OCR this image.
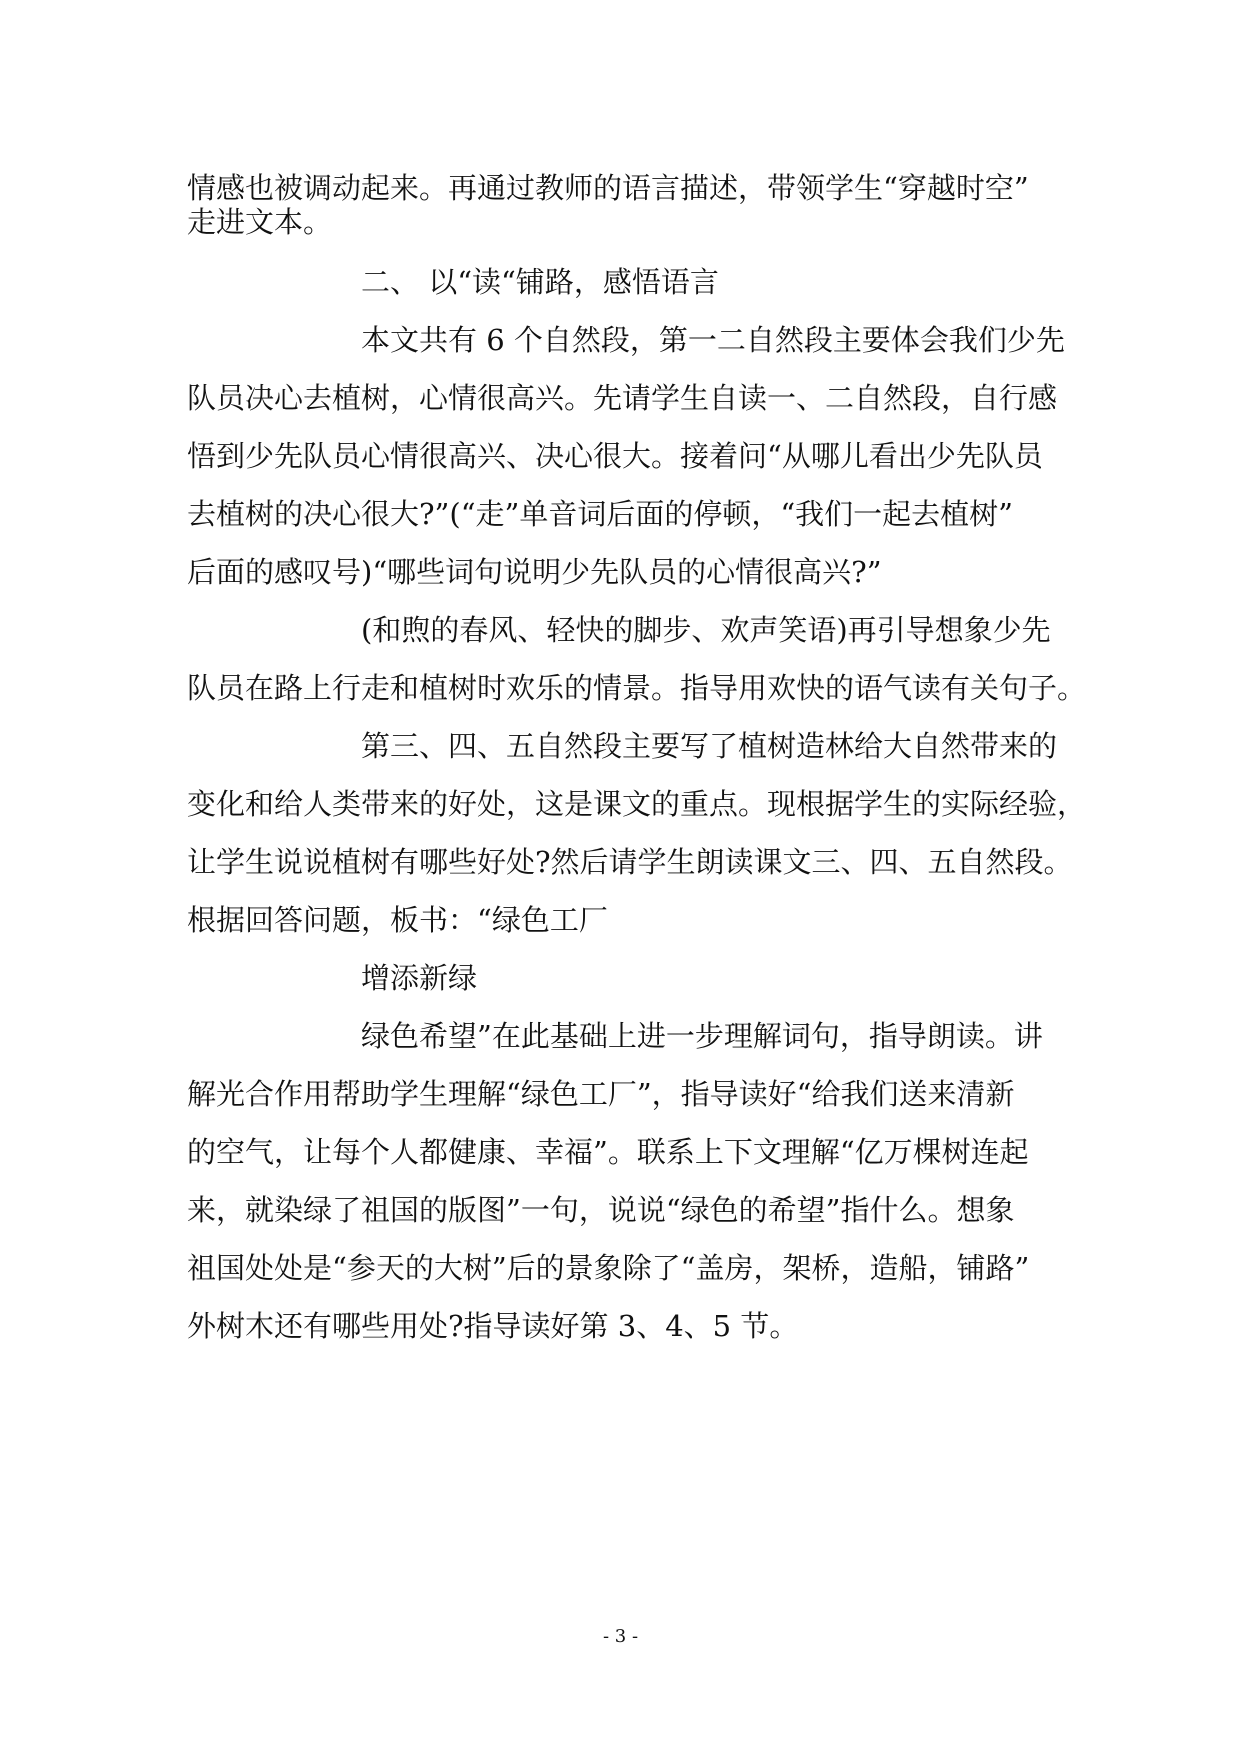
情感也被调动起来。再通过教师的语言描述，带领学生“穿越时空”
走进文本。
二、 以“读“铺路，感悟语言
本文共有 6 个自然段，第一二自然段主要体会我们少先
队员决心去植树，心情很高兴。先请学生自读一、二自然段，自行感
悟到少先队员心情很高兴、决心很大。接着问“从哪儿看出少先队员
去植树的决心很大?”(“走”单音词后面的停顿，“我们一起去植树”
后面的感叹号)“哪些词句说明少先队员的心情很高兴?”
(和煦的春风、轻快的脚步、欢声笑语)再引导想象少先
队员在路上行走和植树时欢乐的情景。指导用欢快的语气读有关句子。
第三、四、五自然段主要写了植树造林给大自然带来的
变化和给人类带来的好处，这是课文的重点。现根据学生的实际经验，
让学生说说植树有哪些好处?然后请学生朗读课文三、四、五自然段。
根据回答问题，板书：“绿色工厂
增添新绿
绿色希望”在此基础上进一步理解词句，指导朗读。讲
解光合作用帮助学生理解“绿色工厂”，指导读好“给我们送来清新
的空气，让每个人都健康、幸福”。联系上下文理解“亿万棵树连起
来，就染绿了祖国的版图”一句，说说“绿色的希望”指什么。想象
祖国处处是“参天的大树”后的景象除了“盖房，架桥，造船，铺路”
外树木还有哪些用处?指导读好第 3、4、5 节。
- 3 -
